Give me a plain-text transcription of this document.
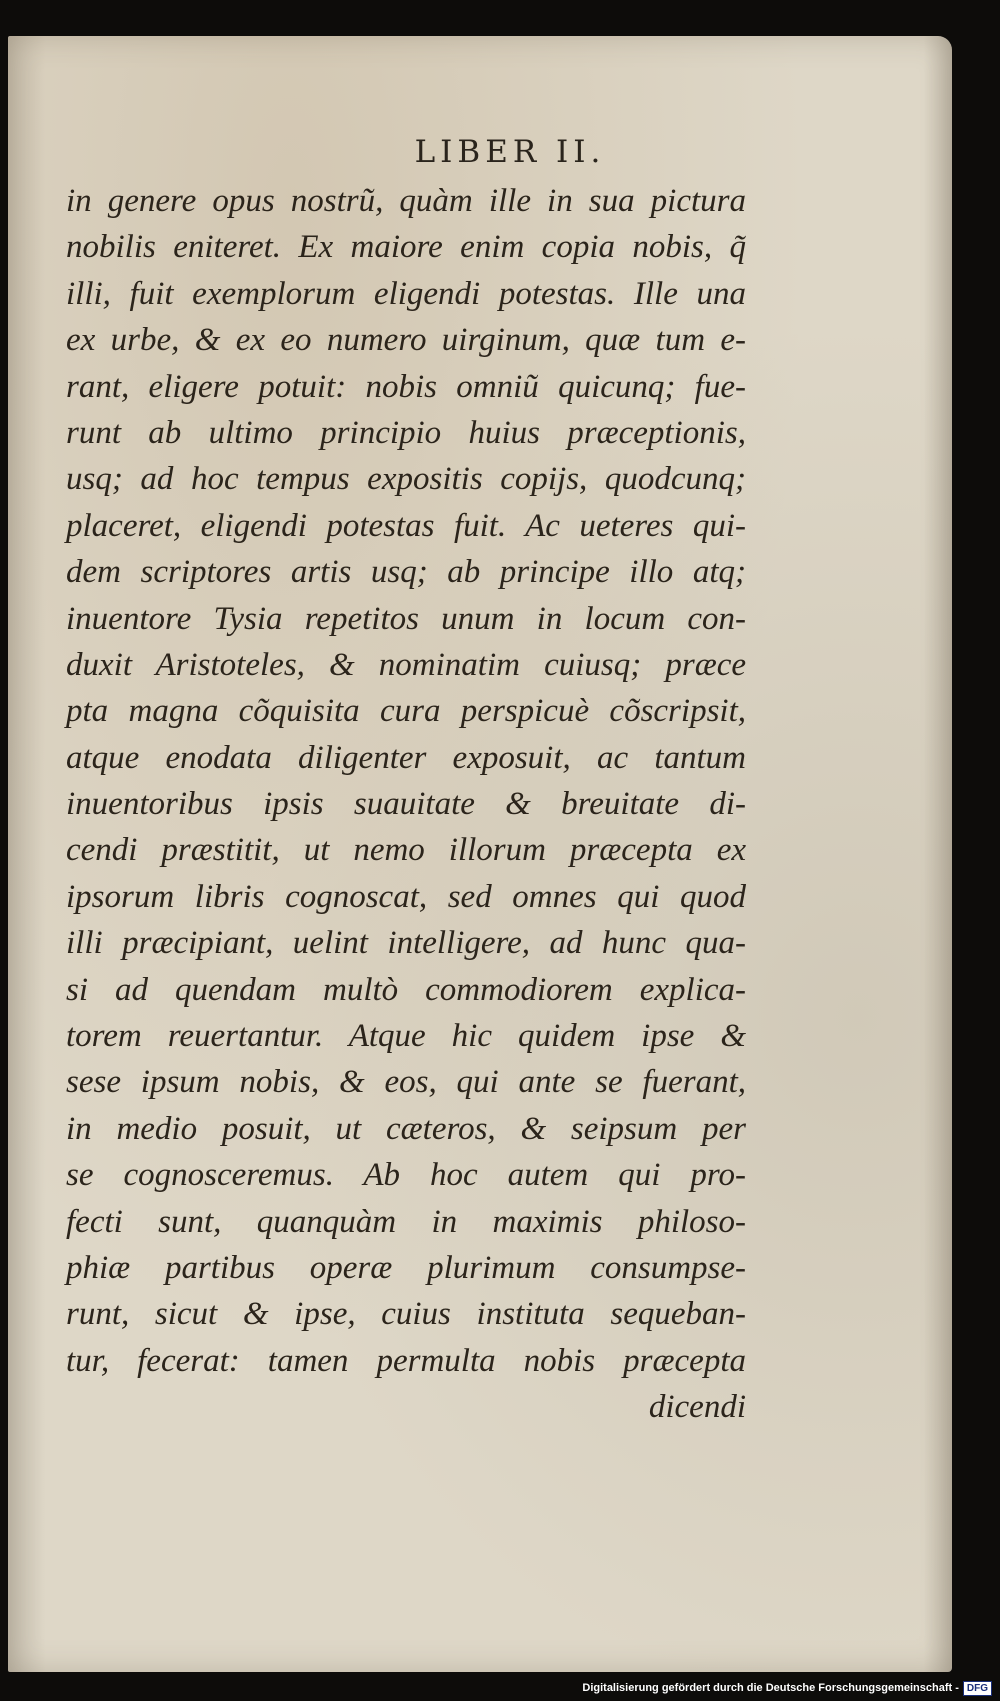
LIBER II.
in genere opus nostrũ, quàm ille in sua pictura
nobilis eniteret. Ex maiore enim copia nobis, q̃
illi, fuit exemplorum eligendi potestas. Ille una
ex urbe, & ex eo numero uirginum, quæ tum e-
rant, eligere potuit: nobis omniũ quicunq; fue-
runt ab ultimo principio huius præceptionis,
usq; ad hoc tempus expositis copijs, quodcunq;
placeret, eligendi potestas fuit. Ac ueteres qui-
dem scriptores artis usq; ab principe illo atq;
inuentore Tysia repetitos unum in locum con-
duxit Aristoteles, & nominatim cuiusq; præce
pta magna cõquisita cura perspicuè cõscripsit,
atque enodata diligenter exposuit, ac tantum
inuentoribus ipsis suauitate & breuitate di-
cendi præstitit, ut nemo illorum præcepta ex
ipsorum libris cognoscat, sed omnes qui quod
illi præcipiant, uelint intelligere, ad hunc qua-
si ad quendam multò commodiorem explica-
torem reuertantur. Atque hic quidem ipse &
sese ipsum nobis, & eos, qui ante se fuerant,
in medio posuit, ut cæteros, & seipsum per
se cognosceremus. Ab hoc autem qui pro-
fecti sunt, quanquàm in maximis philoso-
phiæ partibus operæ plurimum consumpse-
runt, sicut & ipse, cuius instituta sequeban-
tur, fecerat: tamen permulta nobis præcepta
dicendi
Digitalisierung gefördert durch die Deutsche Forschungsgemeinschaft - DFG
